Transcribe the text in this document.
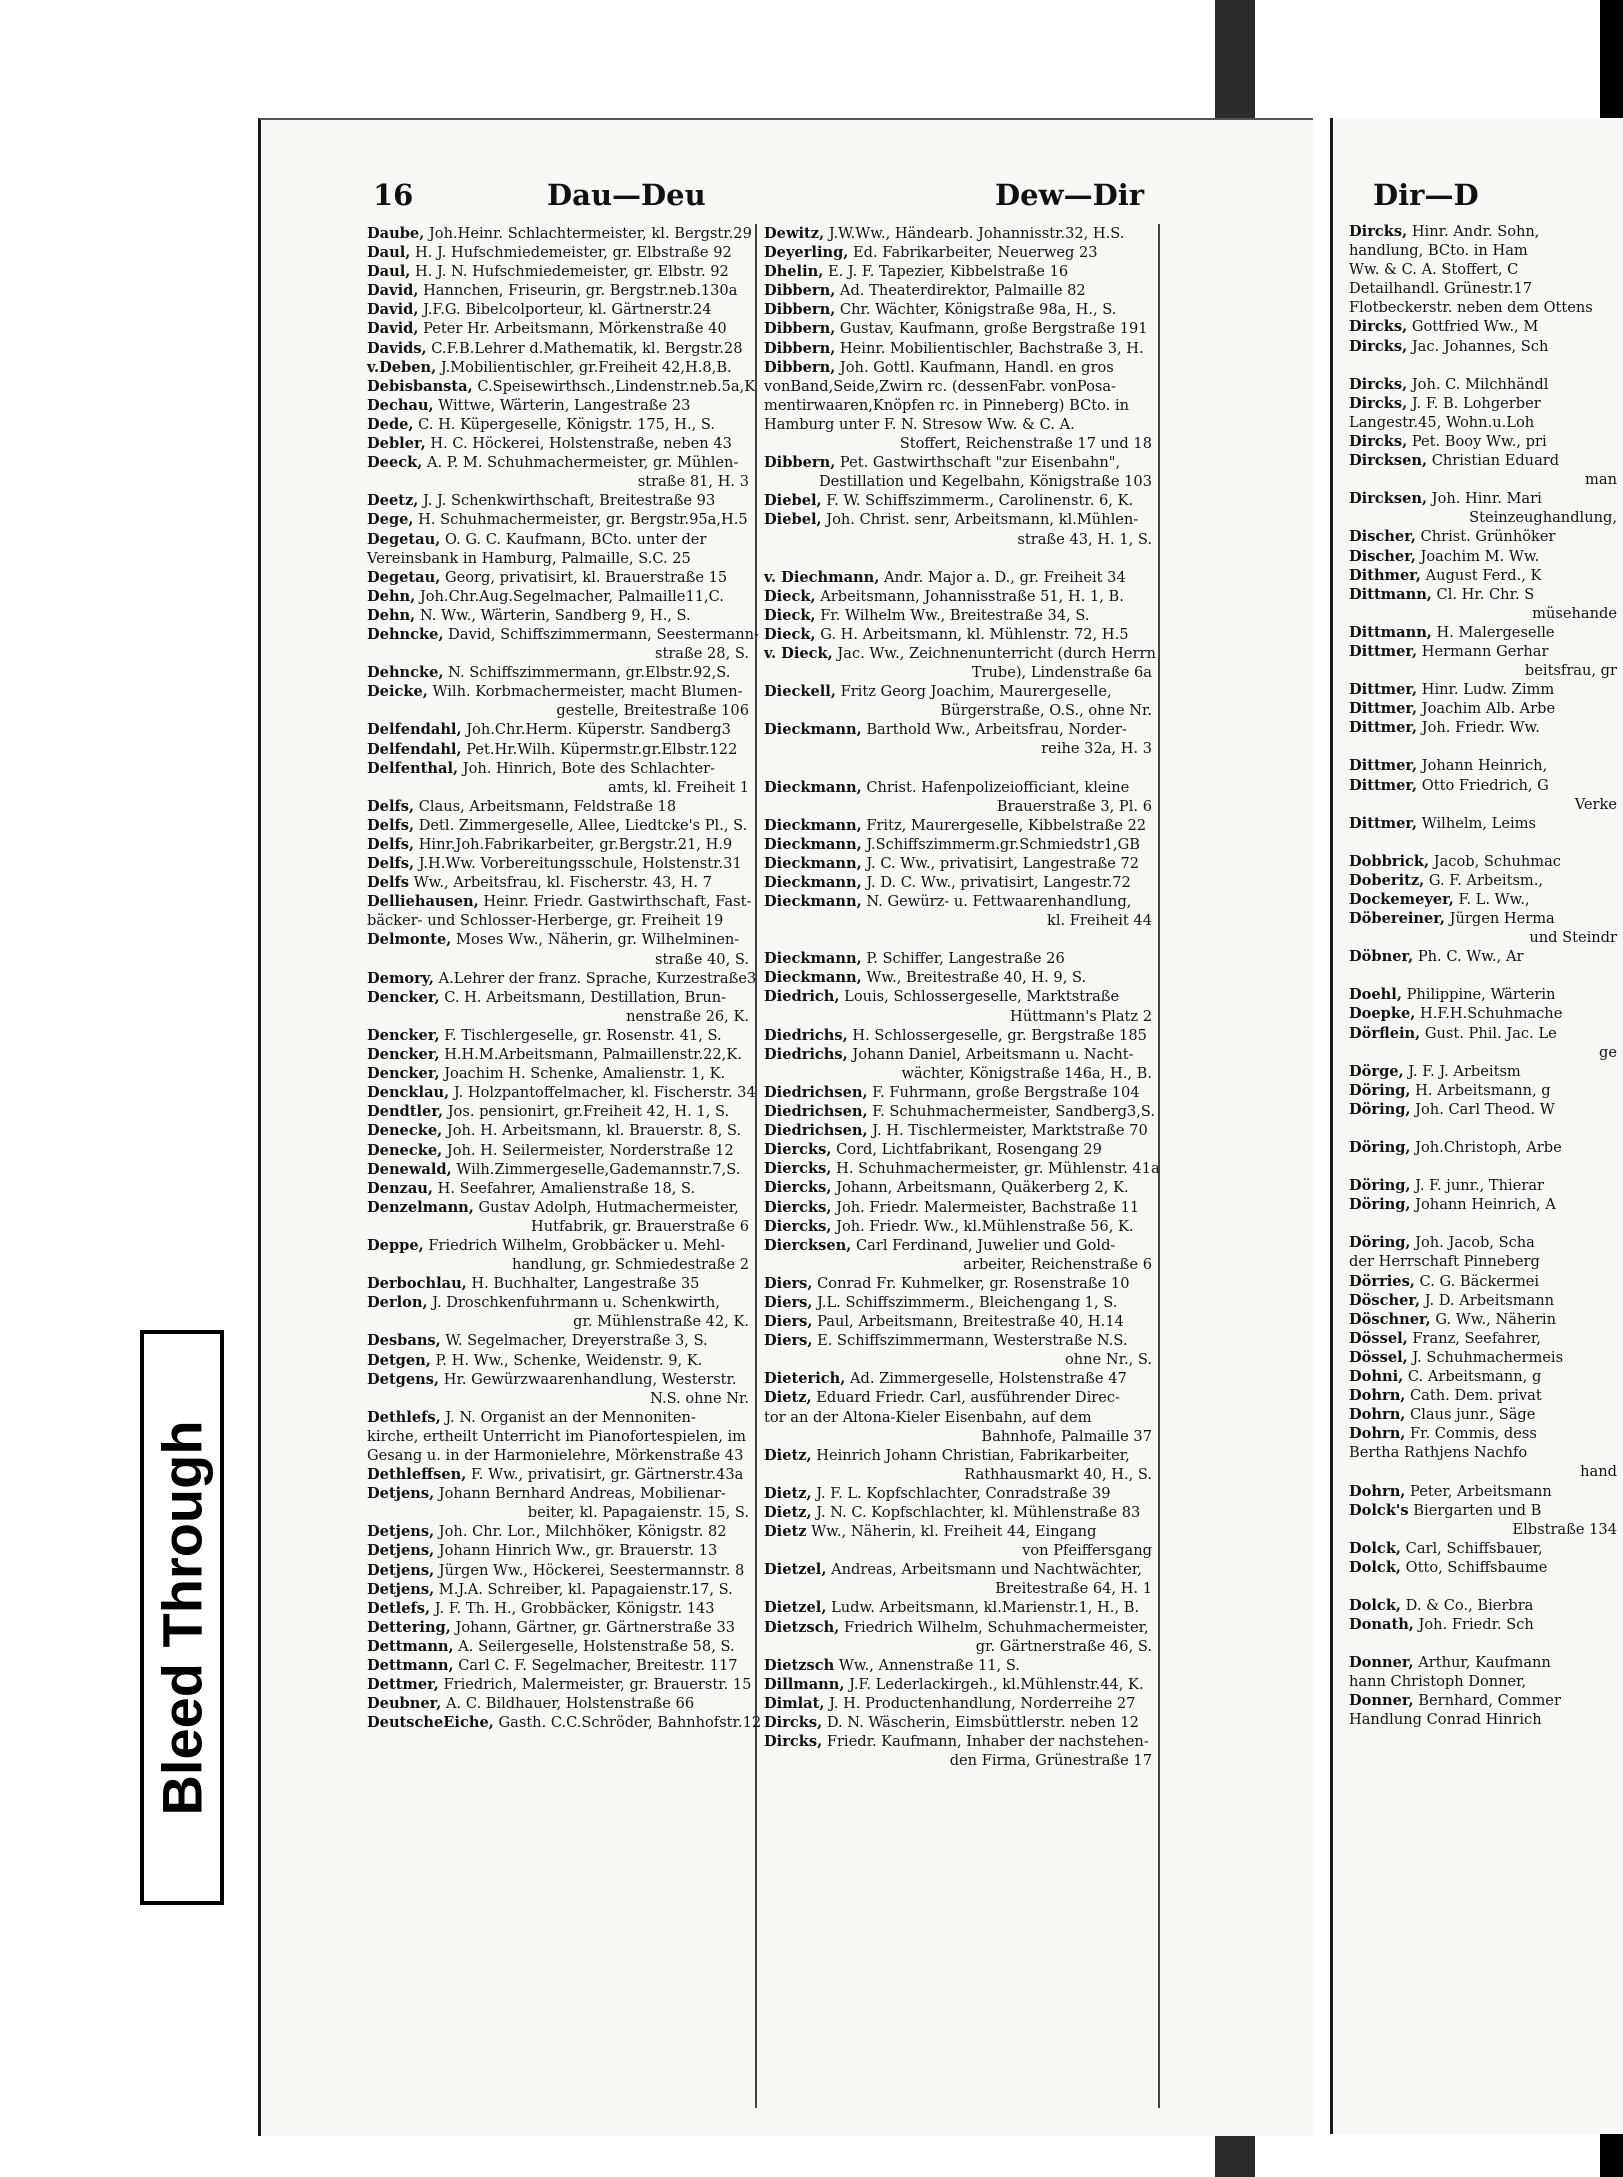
16	Dau—Deu	Dew—Dir
Daube, Joh.Heinr. Schlachtermeister, kl. Bergstr.29
Daul, H. J. Hufschmiedemeister, gr. Elbstraße 92
Daul, H. J. N. Hufschmiedemeister, gr. Elbstr. 92
David, Hannchen, Friseurin, gr. Bergstr.neb.130a
David, J.F.G. Bibelcolporteur, kl. Gärtnerstr.24
David, Peter Hr. Arbeitsmann, Mörkenstraße 40
Davids, C.F.B.Lehrer d.Mathematik, kl. Bergstr.28
v.Deben, J.Mobilientischler, gr.Freiheit 42,H.8,B.
Debisbansta, C.Speisewirthsch.,Lindenstr.neb.5a,K
Dechau, Wittwe, Wärterin, Langestraße 23
Dede, C. H. Küpergeselle, Königstr. 175, H., S.
Debler, H. C. Höckerei, Holstenstraße, neben 43
Deeck, A. P. M. Schuhmachermeister, gr. Mühlen-
straße 81, H. 3
Deetz, J. J. Schenkwirthschaft, Breitestraße 93
Dege, H. Schuhmachermeister, gr. Bergstr.95a,H.5
Degetau, O. G. C. Kaufmann, BCto. unter der
Vereinsbank in Hamburg, Palmaille, S.C. 25
Degetau, Georg, privatisirt, kl. Brauerstraße 15
Dehn, Joh.Chr.Aug.Segelmacher, Palmaille11,C.
Dehn, N. Ww., Wärterin, Sandberg 9, H., S.
Dehncke, David, Schiffszimmermann, Seestermann-
straße 28, S.
Dehncke, N. Schiffszimmermann, gr.Elbstr.92,S.
Deicke, Wilh. Korbmachermeister, macht Blumen-
gestelle, Breitestraße 106
Delfendahl, Joh.Chr.Herm. Küperstr. Sandberg3
Delfendahl, Pet.Hr.Wilh. Küpermstr.gr.Elbstr.122
Delfenthal, Joh. Hinrich, Bote des Schlachter-
amts, kl. Freiheit 1
Delfs, Claus, Arbeitsmann, Feldstraße 18
Delfs, Detl. Zimmergeselle, Allee, Liedtcke's Pl., S.
Delfs, Hinr.Joh.Fabrikarbeiter, gr.Bergstr.21, H.9
Delfs, J.H.Ww. Vorbereitungsschule, Holstenstr.31
Delfs Ww., Arbeitsfrau, kl. Fischerstr. 43, H. 7
Delliehausen, Heinr. Friedr. Gastwirthschaft, Fast-
bäcker- und Schlosser-Herberge, gr. Freiheit 19
Delmonte, Moses Ww., Näherin, gr. Wilhelminen-
straße 40, S.
Demory, A.Lehrer der franz. Sprache, Kurzestraße3
Dencker, C. H. Arbeitsmann, Destillation, Brun-
nenstraße 26, K.
Dencker, F. Tischlergeselle, gr. Rosenstr. 41, S.
Dencker, H.H.M.Arbeitsmann, Palmaillenstr.22,K.
Dencker, Joachim H. Schenke, Amalienstr. 1, K.
Dencklau, J. Holzpantoffelmacher, kl. Fischerstr. 34
Dendtler, Jos. pensionirt, gr.Freiheit 42, H. 1, S.
Denecke, Joh. H. Arbeitsmann, kl. Brauerstr. 8, S.
Denecke, Joh. H. Seilermeister, Norderstraße 12
Denewald, Wilh.Zimmergeselle,Gademannstr.7,S.
Denzau, H. Seefahrer, Amalienstraße 18, S.
Denzelmann, Gustav Adolph, Hutmachermeister,
Hutfabrik, gr. Brauerstraße 6
Deppe, Friedrich Wilhelm, Grobbäcker u. Mehl-
handlung, gr. Schmiedestraße 2
Derbochlau, H. Buchhalter, Langestraße 35
Derlon, J. Droschkenfuhrmann u. Schenkwirth,
gr. Mühlenstraße 42, K.
Desbans, W. Segelmacher, Dreyerstraße 3, S.
Detgen, P. H. Ww., Schenke, Weidenstr. 9, K.
Detgens, Hr. Gewürzwaarenhandlung, Westerstr.
N.S. ohne Nr.
Dethlefs, J. N. Organist an der Mennoniten-
kirche, ertheilt Unterricht im Pianofortespielen, im
Gesang u. in der Harmonielehre, Mörkenstraße 43
Dethleffsen, F. Ww., privatisirt, gr. Gärtnerstr.43a
Detjens, Johann Bernhard Andreas, Mobilienar-
beiter, kl. Papagaienstr. 15, S.
Detjens, Joh. Chr. Lor., Milchhöker, Königstr. 82
Detjens, Johann Hinrich Ww., gr. Brauerstr. 13
Detjens, Jürgen Ww., Höckerei, Seestermannstr. 8
Detjens, M.J.A. Schreiber, kl. Papagaienstr.17, S.
Detlefs, J. F. Th. H., Grobbäcker, Königstr. 143
Dettering, Johann, Gärtner, gr. Gärtnerstraße 33
Dettmann, A. Seilergeselle, Holstenstraße 58, S.
Dettmann, Carl C. F. Segelmacher, Breitestr. 117
Dettmer, Friedrich, Malermeister, gr. Brauerstr. 15
Deubner, A. C. Bildhauer, Holstenstraße 66
DeutscheEiche, Gasth. C.C.Schröder, Bahnhofstr.12
Dewitz, J.W.Ww., Händearb. Johannisstr.32, H.S.
Deyerling, Ed. Fabrikarbeiter, Neuerweg 23
Dhelin, E. J. F. Tapezier, Kibbelstraße 16
Dibbern, Ad. Theaterdirektor, Palmaille 82
Dibbern, Chr. Wächter, Königstraße 98a, H., S.
Dibbern, Gustav, Kaufmann, große Bergstraße 191
Dibbern, Heinr. Mobilientischler, Bachstraße 3, H.
Dibbern, Joh. Gottl. Kaufmann, Handl. en gros
vonBand,Seide,Zwirn rc. (dessenFabr. vonPosa-
mentirwaaren,Knöpfen rc. in Pinneberg) BCto. in
Hamburg unter F. N. Stresow Ww. & C. A.
Stoffert, Reichenstraße 17 und 18
Dibbern, Pet. Gastwirthschaft "zur Eisenbahn",
Destillation und Kegelbahn, Königstraße 103
Diebel, F. W. Schiffszimmerm., Carolinenstr. 6, K.
Diebel, Joh. Christ. senr, Arbeitsmann, kl.Mühlen-
straße 43, H. 1, S.
v. Diechmann, Andr. Major a. D., gr. Freiheit 34
Dieck, Arbeitsmann, Johannisstraße 51, H. 1, B.
Dieck, Fr. Wilhelm Ww., Breitestraße 34, S.
Dieck, G. H. Arbeitsmann, kl. Mühlenstr. 72, H.5
v. Dieck, Jac. Ww., Zeichnenunterricht (durch Herrn
Trube), Lindenstraße 6a
Dieckell, Fritz Georg Joachim, Maurergeselle,
Bürgerstraße, O.S., ohne Nr.
Dieckmann, Barthold Ww., Arbeitsfrau, Norder-
reihe 32a, H. 3
Dieckmann, Christ. Hafenpolizeiofficiant, kleine
Brauerstraße 3, Pl. 6
Dieckmann, Fritz, Maurergeselle, Kibbelstraße 22
Dieckmann, J.Schiffszimmerm.gr.Schmiedstr1,GB
Dieckmann, J. C. Ww., privatisirt, Langestraße 72
Dieckmann, J. D. C. Ww., privatisirt, Langestr.72
Dieckmann, N. Gewürz- u. Fettwaarenhandlung,
kl. Freiheit 44
Dieckmann, P. Schiffer, Langestraße 26
Dieckmann, Ww., Breitestraße 40, H. 9, S.
Diedrich, Louis, Schlossergeselle, Marktstraße
Hüttmann's Platz 2
Diedrichs, H. Schlossergeselle, gr. Bergstraße 185
Diedrichs, Johann Daniel, Arbeitsmann u. Nacht-
wächter, Königstraße 146a, H., B.
Diedrichsen, F. Fuhrmann, große Bergstraße 104
Diedrichsen, F. Schuhmachermeister, Sandberg3,S.
Diedrichsen, J. H. Tischlermeister, Marktstraße 70
Diercks, Cord, Lichtfabrikant, Rosengang 29
Diercks, H. Schuhmachermeister, gr. Mühlenstr. 41a
Diercks, Johann, Arbeitsmann, Quäkerberg 2, K.
Diercks, Joh. Friedr. Malermeister, Bachstraße 11
Diercks, Joh. Friedr. Ww., kl.Mühlenstraße 56, K.
Diercksen, Carl Ferdinand, Juwelier und Gold-
arbeiter, Reichenstraße 6
Diers, Conrad Fr. Kuhmelker, gr. Rosenstraße 10
Diers, J.L. Schiffszimmerm., Bleichengang 1, S.
Diers, Paul, Arbeitsmann, Breitestraße 40, H.14
Diers, E. Schiffszimmermann, Westerstraße N.S.
ohne Nr., S.
Dieterich, Ad. Zimmergeselle, Holstenstraße 47
Dietz, Eduard Friedr. Carl, ausführender Direc-
tor an der Altona-Kieler Eisenbahn, auf dem
Bahnhofe, Palmaille 37
Dietz, Heinrich Johann Christian, Fabrikarbeiter,
Rathhausmarkt 40, H., S.
Dietz, J. F. L. Kopfschlachter, Conradstraße 39
Dietz, J. N. C. Kopfschlachter, kl. Mühlenstraße 83
Dietz Ww., Näherin, kl. Freiheit 44, Eingang
von Pfeiffersgang
Dietzel, Andreas, Arbeitsmann und Nachtwächter,
Breitestraße 64, H. 1
Dietzel, Ludw. Arbeitsmann, kl.Marienstr.1, H., B.
Dietzsch, Friedrich Wilhelm, Schuhmachermeister,
gr. Gärtnerstraße 46, S.
Dietzsch Ww., Annenstraße 11, S.
Dillmann, J.F. Lederlackirgeh., kl.Mühlenstr.44, K.
Dimlat, J. H. Productenhandlung, Norderreihe 27
Dircks, D. N. Wäscherin, Eimsbüttlerstr. neben 12
Dircks, Friedr. Kaufmann, Inhaber der nachstehen-
den Firma, Grünestraße 17
Dir—D
Dircks, Hinr. Andr. Sohn,
handlung, BCto. in Ham
Ww. & C. A. Stoffert, C
Detailhandl. Grünestr.17
Flotbeckerstr. neben dem Ottens
Dircks, Gottfried Ww., M
Dircks, Jac. Johannes, Sch
Dircks, Joh. C. Milchhändl
Dircks, J. F. B. Lohgerber
Langestr.45, Wohn.u.Loh
Dircks, Pet. Booy Ww., pri
Dircksen, Christian Eduard
man
Dircksen, Joh. Hinr. Mari
Steinzeughandlung,
Discher, Christ. Grünhöker
Discher, Joachim M. Ww.
Dithmer, August Ferd., K
Dittmann, Cl. Hr. Chr. S
müsehande
Dittmann, H. Malergeselle
Dittmer, Hermann Gerhar
beitsfrau, gr
Dittmer, Hinr. Ludw. Zimm
Dittmer, Joachim Alb. Arbe
Dittmer, Joh. Friedr. Ww.
Dittmer, Johann Heinrich,
Dittmer, Otto Friedrich, G
Verke
Dittmer, Wilhelm, Leims
Dobbrick, Jacob, Schuhmac
Doberitz, G. F. Arbeitsm.,
Dockemeyer, F. L. Ww.,
Döbereiner, Jürgen Herma
und Steindr
Döbner, Ph. C. Ww., Ar
Doehl, Philippine, Wärterin
Doepke, H.F.H.Schuhmache
Dörflein, Gust. Phil. Jac. Le
ge
Dörge, J. F. J. Arbeitsm
Döring, H. Arbeitsmann, g
Döring, Joh. Carl Theod. W
Döring, Joh.Christoph, Arbe
Döring, J. F. junr., Thierar
Döring, Johann Heinrich, A
Döring, Joh. Jacob, Scha
der Herrschaft Pinneberg
Dörries, C. G. Bäckermei
Döscher, J. D. Arbeitsmann
Döschner, G. Ww., Näherin
Dössel, Franz, Seefahrer,
Dössel, J. Schuhmachermeis
Dohni, C. Arbeitsmann, g
Dohrn, Cath. Dem. privat
Dohrn, Claus junr., Säge
Dohrn, Fr. Commis, dess
Bertha Rathjens Nachfo
hand
Dohrn, Peter, Arbeitsmann
Dolck's Biergarten und B
Elbstraße 134
Dolck, Carl, Schiffsbauer,
Dolck, Otto, Schiffsbaume
Dolck, D. & Co., Bierbra
Donath, Joh. Friedr. Sch
Donner, Arthur, Kaufmann
hann Christoph Donner,
Donner, Bernhard, Commer
Handlung Conrad Hinrich
Bleed Through
